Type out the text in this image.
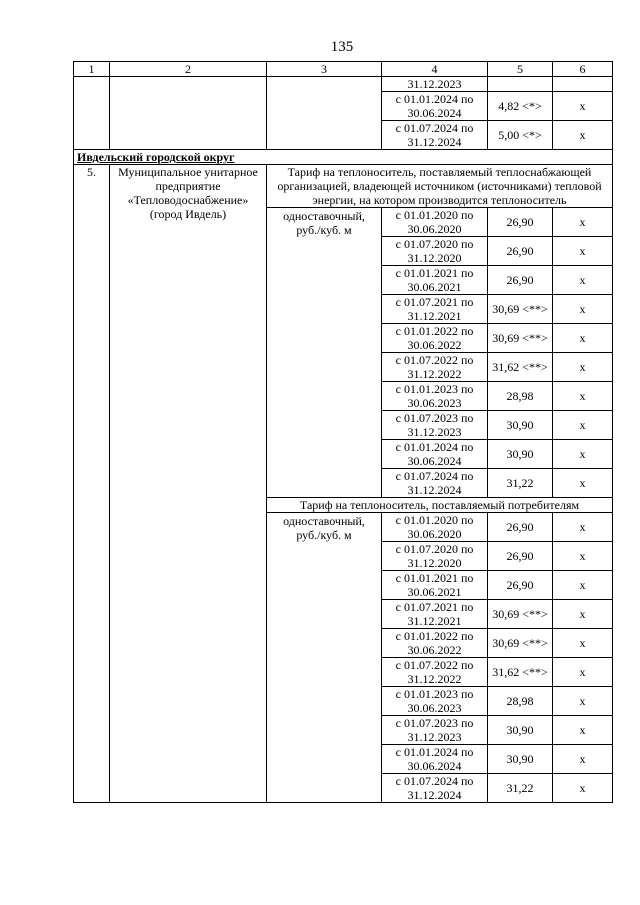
135
1	2	3	4	5	6
			31.12.2023		
			с 01.01.2024 по 30.06.2024	4,82 <*>	х
			с 01.07.2024 по 31.12.2024	5,00 <*>	х
Ивдельский городской округ					
5.	Муниципальное унитарное предприятие «Тепловодоснабжение» (город Ивдель)	Тариф на теплоноситель, поставляемый теплоснабжающей организацией, владеющей источником (источниками) тепловой энергии, на котором производится теплоноситель			
		одноставочный, руб./куб. м	с 01.01.2020 по 30.06.2020	26,90	х
			с 01.07.2020 по 31.12.2020	26,90	х
			с 01.01.2021 по 30.06.2021	26,90	х
			с 01.07.2021 по 31.12.2021	30,69 <**>	х
			с 01.01.2022 по 30.06.2022	30,69 <**>	х
			с 01.07.2022 по 31.12.2022	31,62 <**>	х
			с 01.01.2023 по 30.06.2023	28,98	х
			с 01.07.2023 по 31.12.2023	30,90	х
			с 01.01.2024 по 30.06.2024	30,90	х
			с 01.07.2024 по 31.12.2024	31,22	х
		Тариф на теплоноситель, поставляемый потребителям			
		одноставочный, руб./куб. м	с 01.01.2020 по 30.06.2020	26,90	х
			с 01.07.2020 по 31.12.2020	26,90	х
			с 01.01.2021 по 30.06.2021	26,90	х
			с 01.07.2021 по 31.12.2021	30,69 <**>	х
			с 01.01.2022 по 30.06.2022	30,69 <**>	х
			с 01.07.2022 по 31.12.2022	31,62 <**>	х
			с 01.01.2023 по 30.06.2023	28,98	х
			с 01.07.2023 по 31.12.2023	30,90	х
			с 01.01.2024 по 30.06.2024	30,90	х
			с 01.07.2024 по 31.12.2024	31,22	х
